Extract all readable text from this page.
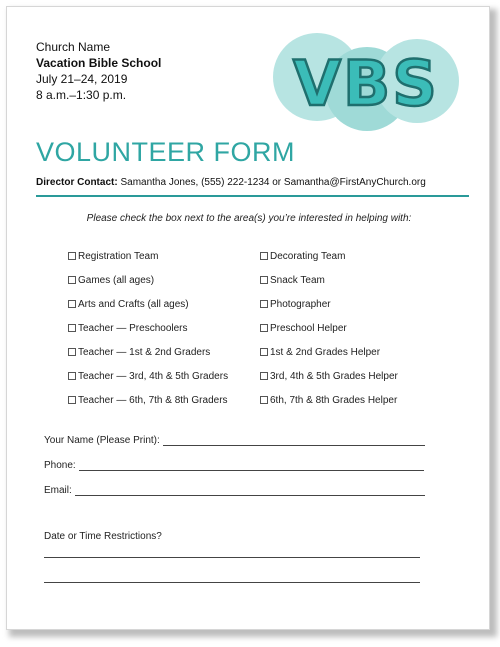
Church Name
Vacation Bible School
July 21–24, 2019
8 a.m.–1:30 p.m.	VBS
VOLUNTEER FORM
Director Contact: Samantha Jones, (555) 222-1234 or Samantha@FirstAnyChurch.org
Please check the box next to the area(s) you’re interested in helping with:
Registration Team
Games (all ages)
Arts and Crafts (all ages)
Teacher — Preschoolers
Teacher — 1st & 2nd Graders
Teacher — 3rd, 4th & 5th Graders
Teacher — 6th, 7th & 8th Graders
Decorating Team
Snack Team
Photographer
Preschool Helper
1st & 2nd Grades Helper
3rd, 4th & 5th Grades Helper
6th, 7th & 8th Grades Helper
Your Name (Please Print):
Phone:
Email:
Date or Time Restrictions?
